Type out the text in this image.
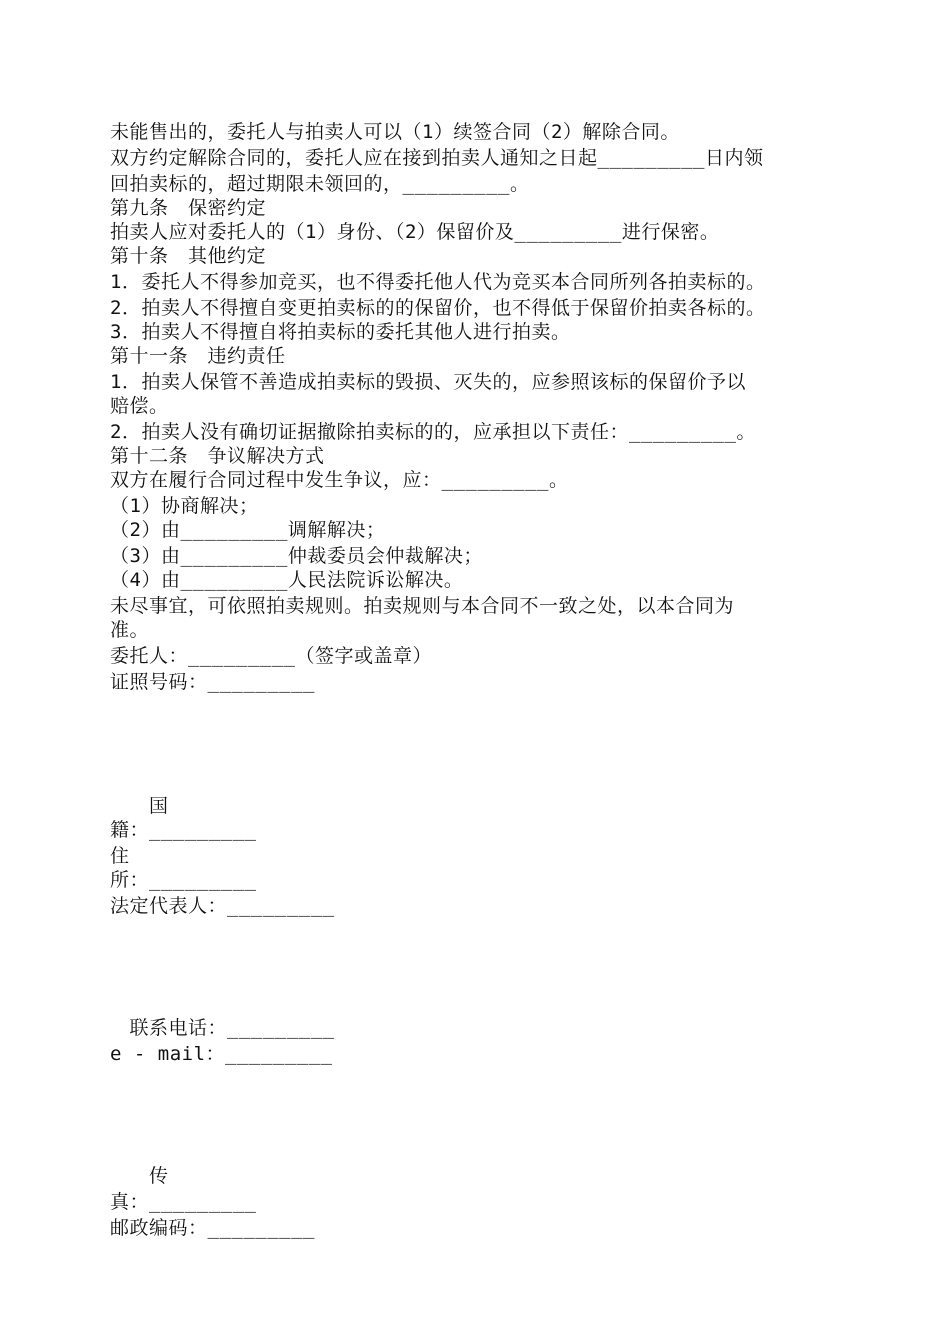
未能售出的，委托人与拍卖人可以（1）续签合同（2）解除合同。
双方约定解除合同的，委托人应在接到拍卖人通知之日起_________日内领
回拍卖标的，超过期限未领回的，_________。
第九条　保密约定
拍卖人应对委托人的（1）身份、（2）保留价及_________进行保密。
第十条　其他约定
1．委托人不得参加竞买，也不得委托他人代为竞买本合同所列各拍卖标的。
2．拍卖人不得擅自变更拍卖标的的保留价，也不得低于保留价拍卖各标的。
3．拍卖人不得擅自将拍卖标的委托其他人进行拍卖。
第十一条　违约责任
1．拍卖人保管不善造成拍卖标的毁损、灭失的，应参照该标的保留价予以
赔偿。
2．拍卖人没有确切证据撤除拍卖标的的，应承担以下责任：_________。
第十二条　争议解决方式
双方在履行合同过程中发生争议，应：_________。
（1）协商解决；
（2）由_________调解解决；
（3）由_________仲裁委员会仲裁解决；
（4）由_________人民法院诉讼解决。
未尽事宜，可依照拍卖规则。拍卖规则与本合同不一致之处，以本合同为
准。
委托人：_________（签字或盖章）
证照号码：_________
　　国
籍：_________
住
所：_________
法定代表人：_________
　联系电话：_________
e - mail：_________
　　传
真：_________
邮政编码：_________
